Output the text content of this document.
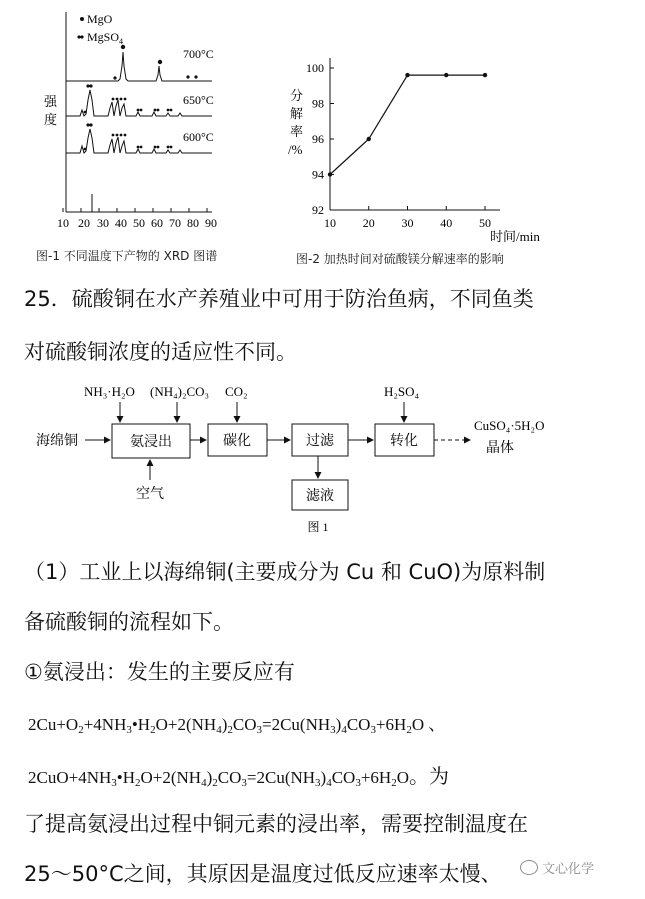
MgO
MgSO$_4$
700°C
650°C
600°C
强
度
10 20 30 40 50 60 70 80 90
图-1 不同温度下产物的 XRD 图谱
10 20 30 40 50
92
94
96
98
100
分
解
率
/%
时间/min
图-2 加热时间对硫酸镁分解速率的影响
25．硫酸铜在水产养殖业中可用于防治鱼病，不同鱼类
对硫酸铜浓度的适应性不同。
NH₃·H₂O (NH₄)₂CO₃ CO₂	H₂SO₄
海绵铜	氨浸出	碳化	过滤	转化
滤液
空气
晶体
CuSO₄·5H₂O
图 1
（1）工业上以海绵铜(主要成分为 Cu 和 CuO)为原料制
备硫酸铜的流程如下。
①氨浸出：发生的主要反应有
$2Cu+O_2+4NH_3•H_2O+2(NH_4)_2CO_3=2Cu(NH_3)_4CO_3+6H_2O$ 、
$2CuO+4NH_3•H_2O+2(NH_4)_2CO_3=2Cu(NH_3)_4CO_3+6H_2O$。为
了提高氨浸出过程中铜元素的浸出率，需要控制温度在
25～50°C之间，其原因是温度过低反应速率太慢、	文心化学
